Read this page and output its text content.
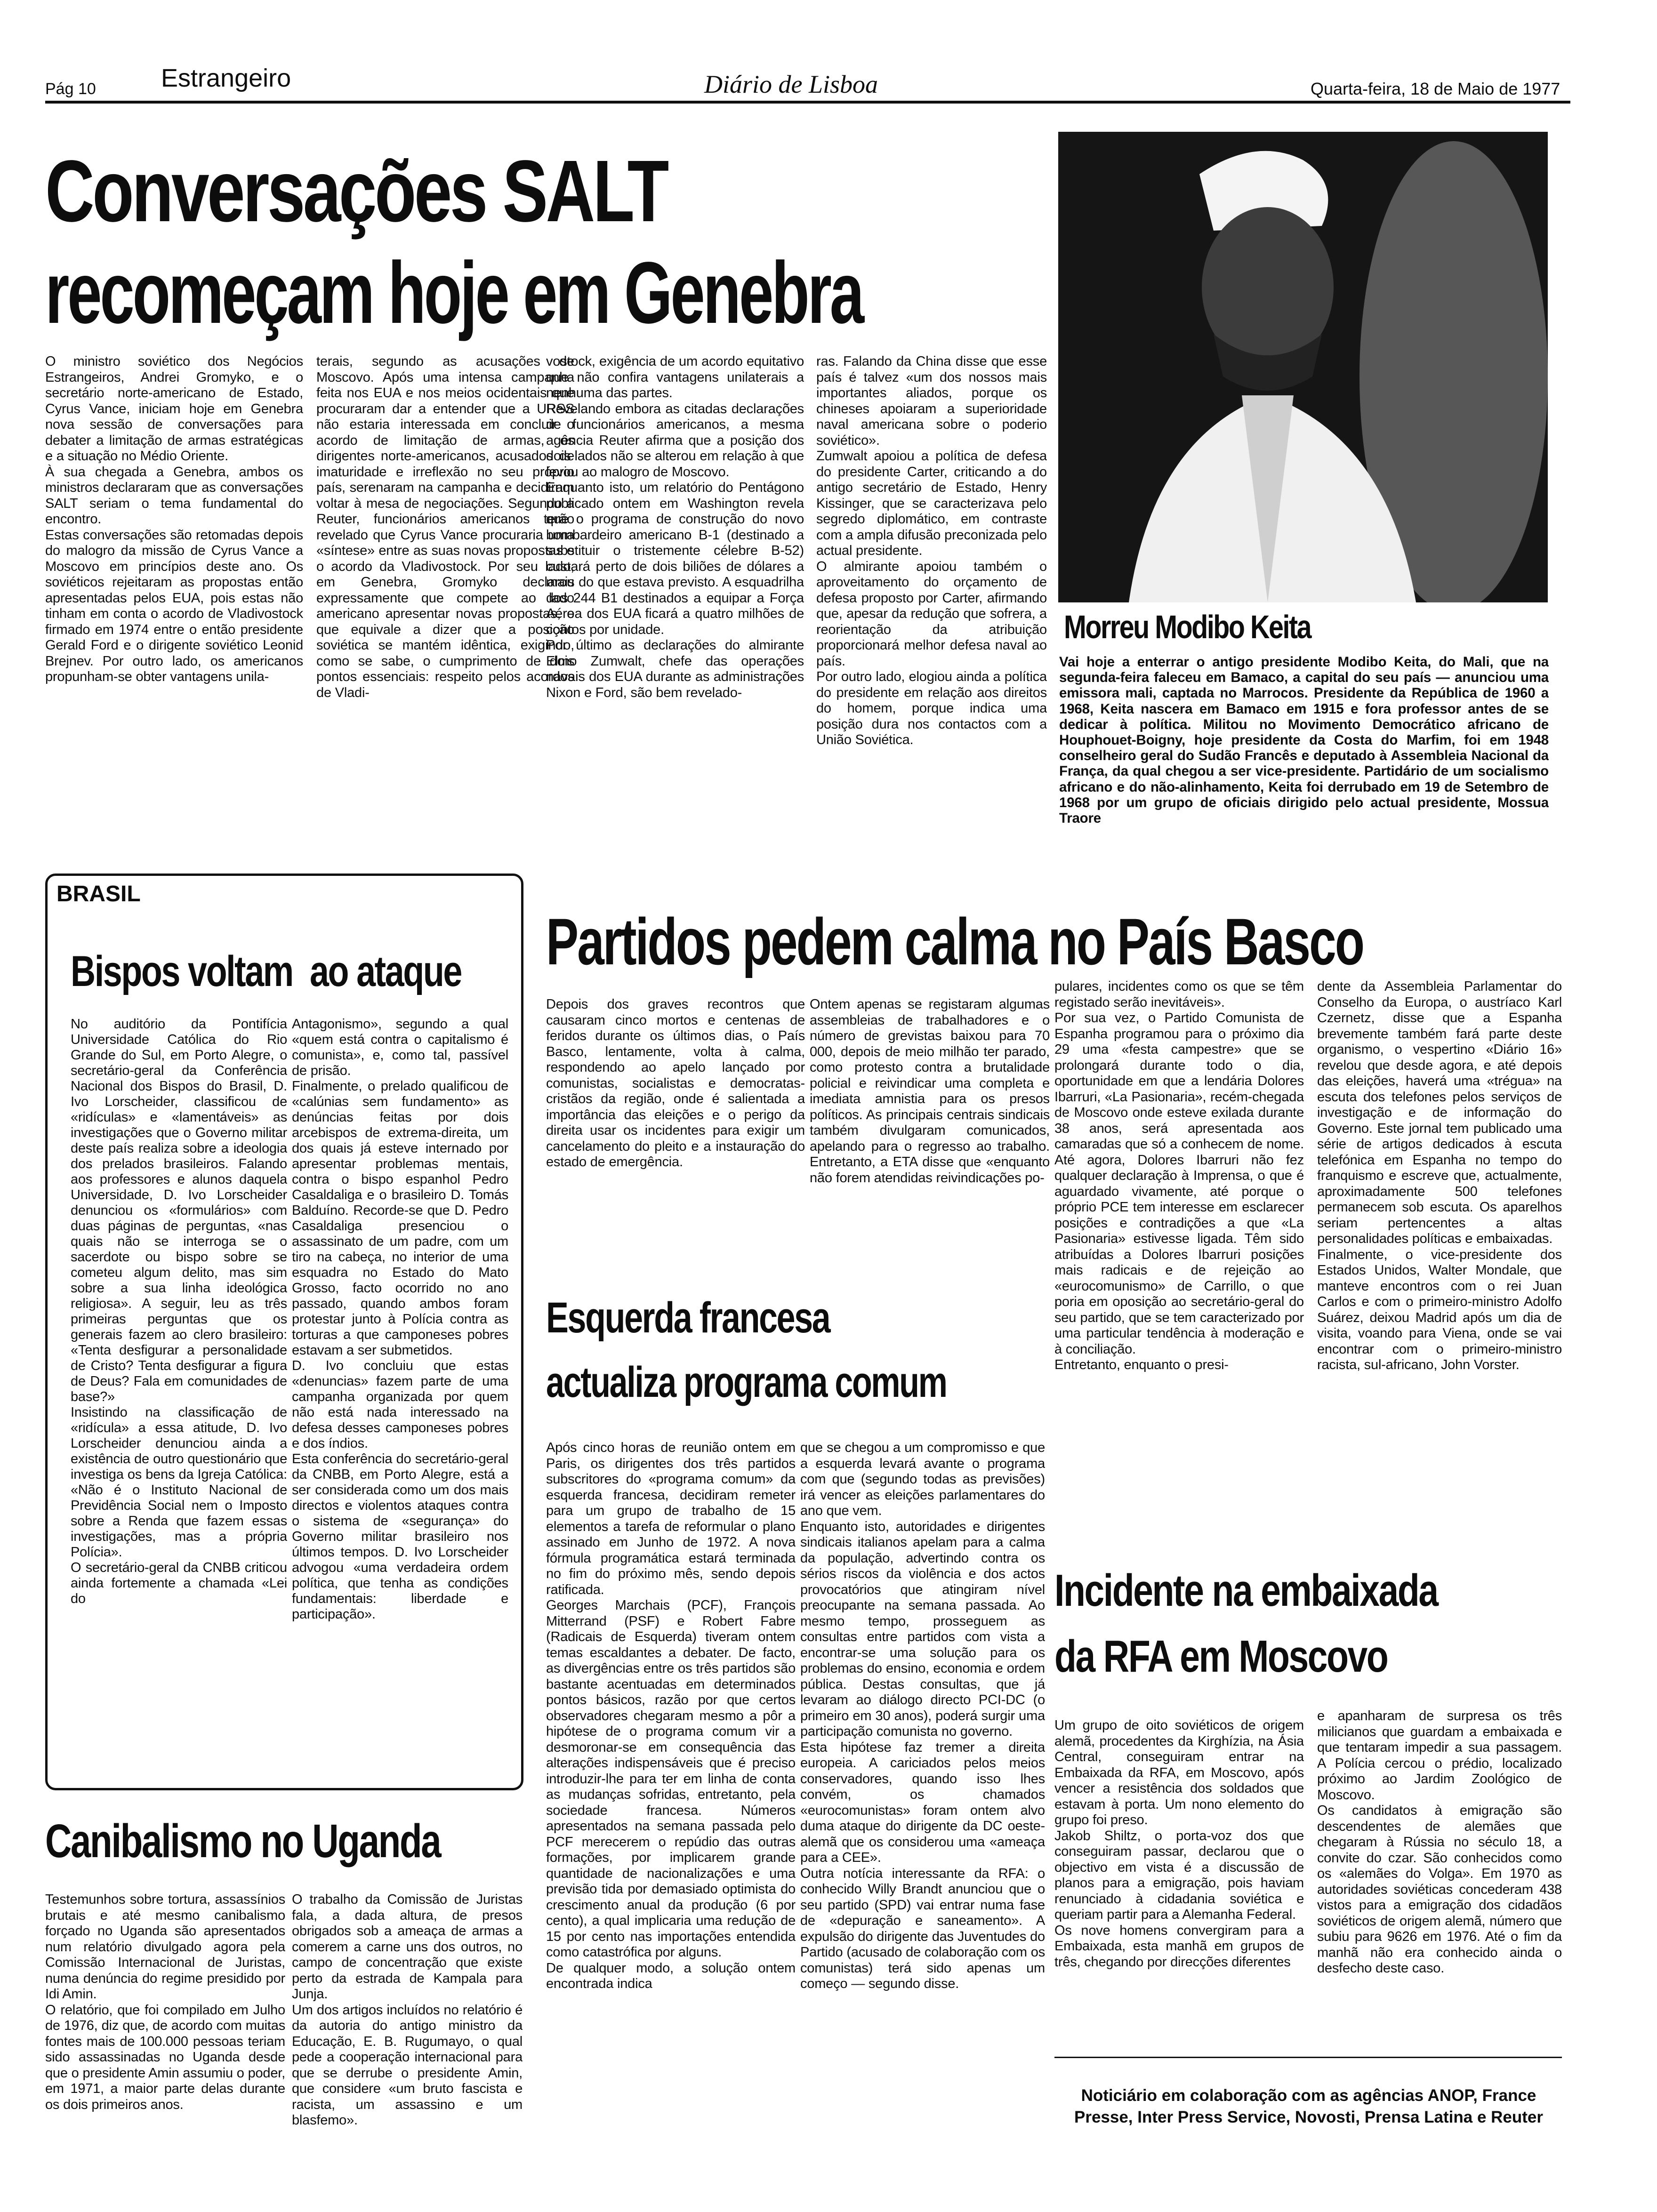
Pág 10	Estrangeiro	Diário de Lisboa	Quarta-feira, 18 de Maio de 1977
Conversações SALT
recomeçam hoje em Genebra
O ministro soviético dos Negócios Estrangeiros, Andrei Gromyko, e o secretário norte-americano de Estado, Cyrus Vance, iniciam hoje em Genebra nova sessão de conversações para debater a limitação de armas estratégicas e a situação no Médio Oriente.
À sua chegada a Genebra, ambos os ministros declararam que as conversações SALT seriam o tema fundamental do encontro.
Estas conversações são retomadas depois do malogro da missão de Cyrus Vance a Moscovo em princípios deste ano. Os soviéticos rejeitaram as propostas então apresentadas pelos EUA, pois estas não tinham em conta o acordo de Vladivostock firmado em 1974 entre o então presidente Gerald Ford e o dirigente soviético Leonid Brejnev. Por outro lado, os americanos propunham-se obter vantagens unila-
terais, segundo as acusações de Moscovo. Após uma intensa campanha feita nos EUA e nos meios ocidentais que procuraram dar a entender que a URSS não estaria interessada em concluir o acordo de limitação de armas, os dirigentes norte-americanos, acusados de imaturidade e irreflexão no seu próprio país, serenaram na campanha e decidiram voltar à mesa de negociações. Segundo a Reuter, funcionários americanos terão revelado que Cyrus Vance procuraria uma «síntese» entre as suas novas propostas e o acordo da Vladivostock. Por seu lado, em Genebra, Gromyko declarou expressamente que compete ao lado americano apresentar novas propostas, o que equivale a dizer que a posição soviética se mantém idêntica, exigindo, como se sabe, o cumprimento de dois pontos essenciais: respeito pelos acordos de Vladi-
vostock, exigência de um acordo equitativo que não confira vantagens unilaterais a nenhuma das partes.
Revelando embora as citadas declarações de funcionários americanos, a mesma agência Reuter afirma que a posição dos dois lados não se alterou em relação à que levou ao malogro de Moscovo.
Enquanto isto, um relatório do Pentágono publicado ontem em Washington revela que o programa de construção do novo bombardeiro americano B-1 (destinado a substituir o tristemente célebre B-52) custará perto de dois biliões de dólares a mais do que estava previsto. A esquadrilha dos 244 B1 destinados a equipar a Força Aérea dos EUA ficará a quatro milhões de contos por unidade.
Por último as declarações do almirante Elmo Zumwalt, chefe das operações navais dos EUA durante as administrações Nixon e Ford, são bem revelado-
ras. Falando da China disse que esse país é talvez «um dos nossos mais importantes aliados, porque os chineses apoiaram a superioridade naval americana sobre o poderio soviético».
Zumwalt apoiou a política de defesa do presidente Carter, criticando a do antigo secretário de Estado, Henry Kissinger, que se caracterizava pelo segredo diplomático, em contraste com a ampla difusão preconizada pelo actual presidente.
O almirante apoiou também o aproveitamento do orçamento de defesa proposto por Carter, afirmando que, apesar da redução que sofrera, a reorientação da atribuição proporcionará melhor defesa naval ao país.
Por outro lado, elogiou ainda a política do presidente em relação aos direitos do homem, porque indica uma posição dura nos contactos com a União Soviética.
Morreu Modibo Keita
Vai hoje a enterrar o antigo presidente Modibo Keita, do Mali, que na segunda-feira faleceu em Bamaco, a capital do seu país — anunciou uma emissora mali, captada no Marrocos. Presidente da República de 1960 a 1968, Keita nascera em Bamaco em 1915 e fora professor antes de se dedicar à política. Militou no Movimento Democrático africano de Houphouet-Boigny, hoje presidente da Costa do Marfim, foi em 1948 conselheiro geral do Sudão Francês e deputado à Assembleia Nacional da França, da qual chegou a ser vice-presidente. Partidário de um socialismo africano e do não-alinhamento, Keita foi derrubado em 19 de Setembro de 1968 por um grupo de oficiais dirigido pelo actual presidente, Mossua Traore
BRASIL
Bispos voltam  ao ataque
No auditório da Pontifícia Universidade Católica do Rio Grande do Sul, em Porto Alegre, o secretário-geral da Conferência Nacional dos Bispos do Brasil, D. Ivo Lorscheider, classificou de «ridículas» e «lamentáveis» as investigações que o Governo militar deste país realiza sobre a ideologia dos prelados brasileiros. Falando aos professores e alunos daquela Universidade, D. Ivo Lorscheider denunciou os «formulários» com duas páginas de perguntas, «nas quais não se interroga se o sacerdote ou bispo sobre se cometeu algum delito, mas sim sobre a sua linha ideológica religiosa». A seguir, leu as três primeiras perguntas que os generais fazem ao clero brasileiro: «Tenta desfigurar a personalidade de Cristo? Tenta desfigurar a figura de Deus? Fala em comunidades de base?»
Insistindo na classificação de «ridícula» a essa atitude, D. Ivo Lorscheider denunciou ainda a existência de outro questionário que investiga os bens da Igreja Católica: «Não é o Instituto Nacional de Previdência Social nem o Imposto sobre a Renda que fazem essas investigações, mas a própria Polícia».
O secretário-geral da CNBB criticou ainda fortemente a chamada «Lei do
Antagonismo», segundo a qual «quem está contra o capitalismo é comunista», e, como tal, passível de prisão.
Finalmente, o prelado qualificou de «calúnias sem fundamento» as denúncias feitas por dois arcebispos de extrema-direita, um dos quais já esteve internado por apresentar problemas mentais, contra o bispo espanhol Pedro Casaldaliga e o brasileiro D. Tomás Balduíno. Recorde-se que D. Pedro Casaldaliga presenciou o assassinato de um padre, com um tiro na cabeça, no interior de uma esquadra no Estado do Mato Grosso, facto ocorrido no ano passado, quando ambos foram protestar junto à Polícia contra as torturas a que camponeses pobres estavam a ser submetidos.
D. Ivo concluiu que estas «denuncias» fazem parte de uma campanha organizada por quem não está nada interessado na defesa desses camponeses pobres e dos índios.
Esta conferência do secretário-geral da CNBB, em Porto Alegre, está a ser considerada como um dos mais directos e violentos ataques contra o sistema de «segurança» do Governo militar brasileiro nos últimos tempos. D. Ivo Lorscheider advogou «uma verdadeira ordem política, que tenha as condições fundamentais: liberdade e participação».
Canibalismo no Uganda
Testemunhos sobre tortura, assassínios brutais e até mesmo canibalismo forçado no Uganda são apresentados num relatório divulgado agora pela Comissão Internacional de Juristas, numa denúncia do regime presidido por Idi Amin.
O relatório, que foi compilado em Julho de 1976, diz que, de acordo com muitas fontes mais de 100.000 pessoas teriam sido assassinadas no Uganda desde que o presidente Amin assumiu o poder, em 1971, a maior parte delas durante os dois primeiros anos.
O trabalho da Comissão de Juristas fala, a dada altura, de presos obrigados sob a ameaça de armas a comerem a carne uns dos outros, no campo de concentração que existe perto da estrada de Kampala para Junja.
Um dos artigos incluídos no relatório é da autoria do antigo ministro da Educação, E. B. Rugumayo, o qual pede a cooperação internacional para que se derrube o presidente Amin, que considere «um bruto fascista e racista, um assassino e um blasfemo».
Partidos pedem calma no País Basco
Depois dos graves recontros que causaram cinco mortos e centenas de feridos durante os últimos dias, o País Basco, lentamente, volta à calma, respondendo ao apelo lançado por comunistas, socialistas e democratas-cristãos da região, onde é salientada a importância das eleições e o perigo da direita usar os incidentes para exigir um cancelamento do pleito e a instauração do estado de emergência.
Ontem apenas se registaram algumas assembleias de trabalhadores e o número de grevistas baixou para 70 000, depois de meio milhão ter parado, como protesto contra a brutalidade policial e reivindicar uma completa e imediata amnistia para os presos políticos. As principais centrais sindicais também divulgaram comunicados, apelando para o regresso ao trabalho. Entretanto, a ETA disse que «enquanto não forem atendidas reivindicações po-
pulares, incidentes como os que se têm registado serão inevitáveis».
Por sua vez, o Partido Comunista de Espanha programou para o próximo dia 29 uma «festa campestre» que se prolongará durante todo o dia, oportunidade em que a lendária Dolores Ibarruri, «La Pasionaria», recém-chegada de Moscovo onde esteve exilada durante 38 anos, será apresentada aos camaradas que só a conhecem de nome. Até agora, Dolores Ibarruri não fez qualquer declaração à Imprensa, o que é aguardado vivamente, até porque o próprio PCE tem interesse em esclarecer posições e contradições a que «La Pasionaria» estivesse ligada. Têm sido atribuídas a Dolores Ibarruri posições mais radicais e de rejeição ao «eurocomunismo» de Carrillo, o que poria em oposição ao secretário-geral do seu partido, que se tem caracterizado por uma particular tendência à moderação e à conciliação.
Entretanto, enquanto o presi-
dente da Assembleia Parlamentar do Conselho da Europa, o austríaco Karl Czernetz, disse que a Espanha brevemente também fará parte deste organismo, o vespertino «Diário 16» revelou que desde agora, e até depois das eleições, haverá uma «trégua» na escuta dos telefones pelos serviços de investigação e de informação do Governo. Este jornal tem publicado uma série de artigos dedicados à escuta telefónica em Espanha no tempo do franquismo e escreve que, actualmente, aproximadamente 500 telefones permanecem sob escuta. Os aparelhos seriam pertencentes a altas personalidades políticas e embaixadas.
Finalmente, o vice-presidente dos Estados Unidos, Walter Mondale, que manteve encontros com o rei Juan Carlos e com o primeiro-ministro Adolfo Suárez, deixou Madrid após um dia de visita, voando para Viena, onde se vai encontrar com o primeiro-ministro racista, sul-africano, John Vorster.
Esquerda francesa
actualiza programa comum
Após cinco horas de reunião ontem em Paris, os dirigentes dos três partidos subscritores do «programa comum» da esquerda francesa, decidiram remeter para um grupo de trabalho de 15 elementos a tarefa de reformular o plano assinado em Junho de 1972. A nova fórmula programática estará terminada no fim do próximo mês, sendo depois ratificada.
Georges Marchais (PCF), François Mitterrand (PSF) e Robert Fabre (Radicais de Esquerda) tiveram ontem temas escaldantes a debater. De facto, as divergências entre os três partidos são bastante acentuadas em determinados pontos básicos, razão por que certos observadores chegaram mesmo a pôr a hipótese de o programa comum vir a desmoronar-se em consequência das alterações indispensáveis que é preciso introduzir-lhe para ter em linha de conta as mudanças sofridas, entretanto, pela sociedade francesa. Números apresentados na semana passada pelo PCF merecerem o repúdio das outras formações, por implicarem grande quantidade de nacionalizações e uma previsão tida por demasiado optimista do crescimento anual da produção (6 por cento), a qual implicaria uma redução de 15 por cento nas importações entendida como catastrófica por alguns.
De qualquer modo, a solução ontem encontrada indica
que se chegou a um compromisso e que a esquerda levará avante o programa com que (segundo todas as previsões) irá vencer as eleições parlamentares do ano que vem.
Enquanto isto, autoridades e dirigentes sindicais italianos apelam para a calma da população, advertindo contra os sérios riscos da violência e dos actos provocatórios que atingiram nível preocupante na semana passada. Ao mesmo tempo, prosseguem as consultas entre partidos com vista a encontrar-se uma solução para os problemas do ensino, economia e ordem pública. Destas consultas, que já levaram ao diálogo directo PCI-DC (o primeiro em 30 anos), poderá surgir uma participação comunista no governo.
Esta hipótese faz tremer a direita europeia. A cariciados pelos meios conservadores, quando isso lhes convém, os chamados «eurocomunistas» foram ontem alvo duma ataque do dirigente da DC oeste-alemã que os considerou uma «ameaça para a CEE».
Outra notícia interessante da RFA: o conhecido Willy Brandt anunciou que o seu partido (SPD) vai entrar numa fase de «depuração e saneamento». A expulsão do dirigente das Juventudes do Partido (acusado de colaboração com os comunistas) terá sido apenas um começo — segundo disse.
Incidente na embaixada
da RFA em Moscovo
Um grupo de oito soviéticos de origem alemã, procedentes da Kirghízia, na Ásia Central, conseguiram entrar na Embaixada da RFA, em Moscovo, após vencer a resistência dos soldados que estavam à porta. Um nono elemento do grupo foi preso.
Jakob Shiltz, o porta-voz dos que conseguiram passar, declarou que o objectivo em vista é a discussão de planos para a emigração, pois haviam renunciado à cidadania soviética e queriam partir para a Alemanha Federal.
Os nove homens convergiram para a Embaixada, esta manhã em grupos de três, chegando por direcções diferentes
e apanharam de surpresa os três milicianos que guardam a embaixada e que tentaram impedir a sua passagem. A Polícia cercou o prédio, localizado próximo ao Jardim Zoológico de Moscovo.
Os candidatos à emigração são descendentes de alemães que chegaram à Rússia no século 18, a convite do czar. São conhecidos como os «alemães do Volga». Em 1970 as autoridades soviéticas concederam 438 vistos para a emigração dos cidadãos soviéticos de origem alemã, número que subiu para 9626 em 1976. Até o fim da manhã não era conhecido ainda o desfecho deste caso.
Noticiário em colaboração com as agências ANOP, France Presse, Inter Press Service, Novosti, Prensa Latina e Reuter
